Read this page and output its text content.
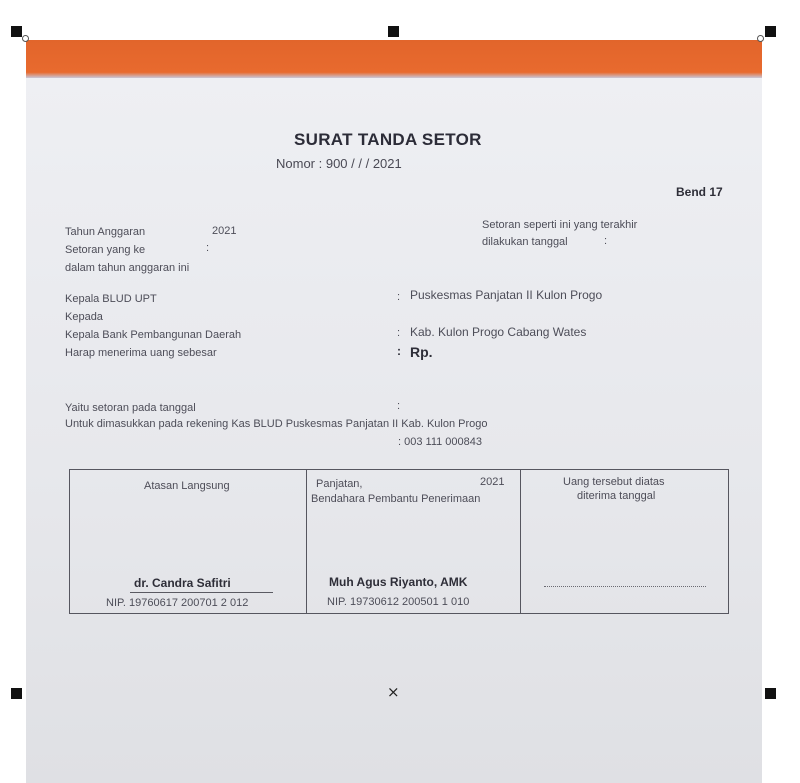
SURAT TANDA SETOR
Nomor : 900 / / / 2021
Bend 17
Tahun Anggaran	2021
Setoran yang ke	:
dalam tahun anggaran ini
Setoran seperti ini yang terakhir
dilakukan tanggal	:
Kepala BLUD UPT	: Puskesmas Panjatan II Kulon Progo
Kepada
Kepala Bank Pembangunan Daerah	: Kab. Kulon Progo Cabang Wates
Harap menerima uang sebesar	: Rp.
Yaitu setoran pada tanggal	:
Untuk dimasukkan pada rekening Kas BLUD Puskesmas Panjatan II Kab. Kulon Progo
: 003 111 000843
Atasan Langsung
dr. Candra Safitri
NIP. 19760617 200701 2 012
Panjatan,	2021
Bendahara Pembantu Penerimaan
Muh Agus Riyanto, AMK
NIP. 19730612 200501 1 010
Uang tersebut diatas
diterima tanggal
×
